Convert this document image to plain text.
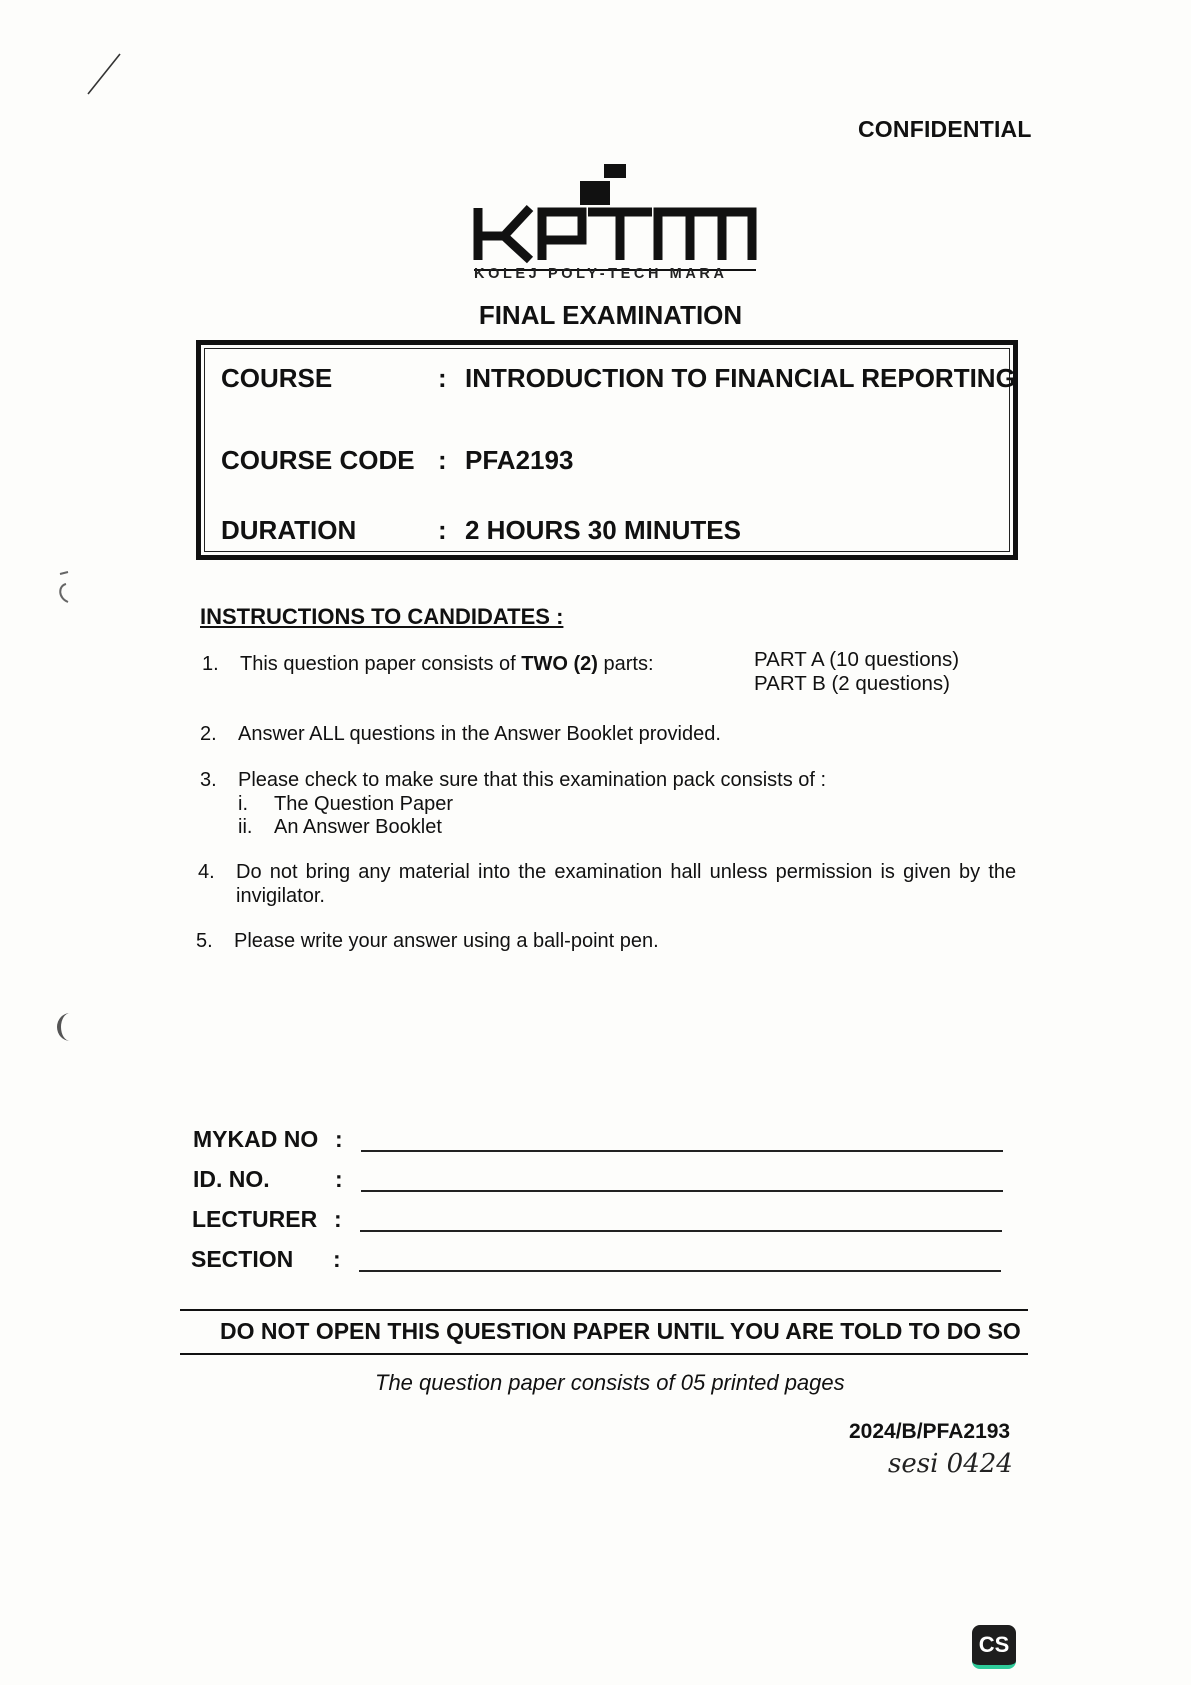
CONFIDENTIAL
KOLEJ POLY-TECH MARA
FINAL EXAMINATION
COURSE	: INTRODUCTION TO FINANCIAL REPORTING
COURSE CODE : PFA2193
DURATION	: 2 HOURS 30 MINUTES
INSTRUCTIONS TO CANDIDATES :
1. This question paper consists of TWO (2) parts:	PART A (10 questions)
PART B (2 questions)
2. Answer ALL questions in the Answer Booklet provided.
3. Please check to make sure that this examination pack consists of :
i. The Question Paper
ii. An Answer Booklet
4. Do not bring any material into the examination hall unless permission is given by the
invigilator.
5. Please write your answer using a ball-point pen.
MYKAD NO :
ID. NO.	:
LECTURER :
SECTION :
DO NOT OPEN THIS QUESTION PAPER UNTIL YOU ARE TOLD TO DO SO
The question paper consists of 05 printed pages
2024/B/PFA2193
sesi 0424
CS
